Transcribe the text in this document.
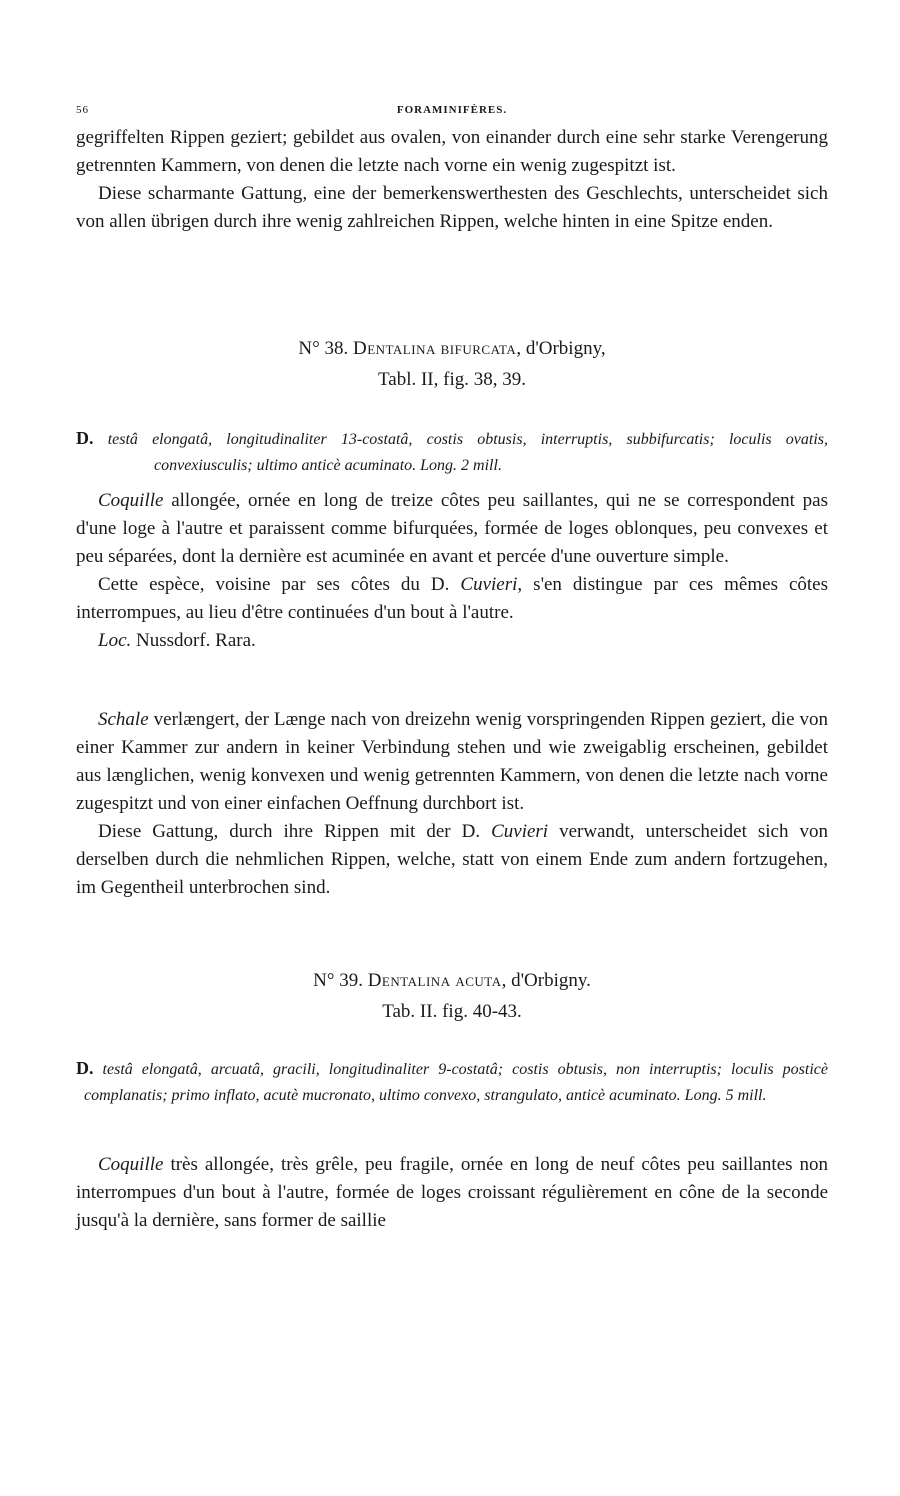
56	FORAMINIFÈRES.

gegriffelten Rippen geziert; gebildet aus ovalen, von einander durch eine sehr starke Verengerung getrennten Kammern, von denen die letzte nach vorne ein wenig zugespitzt ist.

Diese scharmante Gattung, eine der bemerkenswerthesten des Geschlechts, unterscheidet sich von allen übrigen durch ihre wenig zahlreichen Rippen, welche hinten in eine Spitze enden.

N° 38. Dentalina bifurcata, d'Orbigny,
Tabl. II, fig. 38, 39.
D. testâ elongatâ, longitudinaliter 13-costatâ, costis obtusis, interruptis, subbifurcatis; loculis ovatis, convexiusculis; ultimo anticè acuminato. Long. 2 mill.

Coquille allongée, ornée en long de treize côtes peu saillantes, qui ne se correspondent pas d'une loge à l'autre et paraissent comme bifurquées, formée de loges oblonques, peu convexes et peu séparées, dont la dernière est acuminée en avant et percée d'une ouverture simple.

Cette espèce, voisine par ses côtes du D. Cuvieri, s'en distingue par ces mêmes côtes interrompues, au lieu d'être continuées d'un bout à l'autre.

Loc. Nussdorf. Rara.

Schale verlængert, der Længe nach von dreizehn wenig vorspringenden Rippen geziert, die von einer Kammer zur andern in keiner Verbindung stehen und wie zweigablig erscheinen, gebildet aus længlichen, wenig konvexen und wenig getrennten Kammern, von denen die letzte nach vorne zugespitzt und von einer einfachen Oeffnung durchbort ist.

Diese Gattung, durch ihre Rippen mit der D. Cuvieri verwandt, unterscheidet sich von derselben durch die nehmlichen Rippen, welche, statt von einem Ende zum andern fortzugehen, im Gegentheil unterbrochen sind.

N° 39. Dentalina acuta, d'Orbigny.
Tab. II. fig. 40-43.
D. testâ elongatâ, arcuatâ, gracili, longitudinaliter 9-costatâ; costis obtusis, non interruptis; loculis posticè complanatis; primo inflato, acutè mucronato, ultimo convexo, strangulato, anticè acuminato. Long. 5 mill.

Coquille très allongée, très grêle, peu fragile, ornée en long de neuf côtes peu saillantes non interrompues d'un bout à l'autre, formée de loges croissant régulièrement en cône de la seconde jusqu'à la dernière, sans former de saillie
